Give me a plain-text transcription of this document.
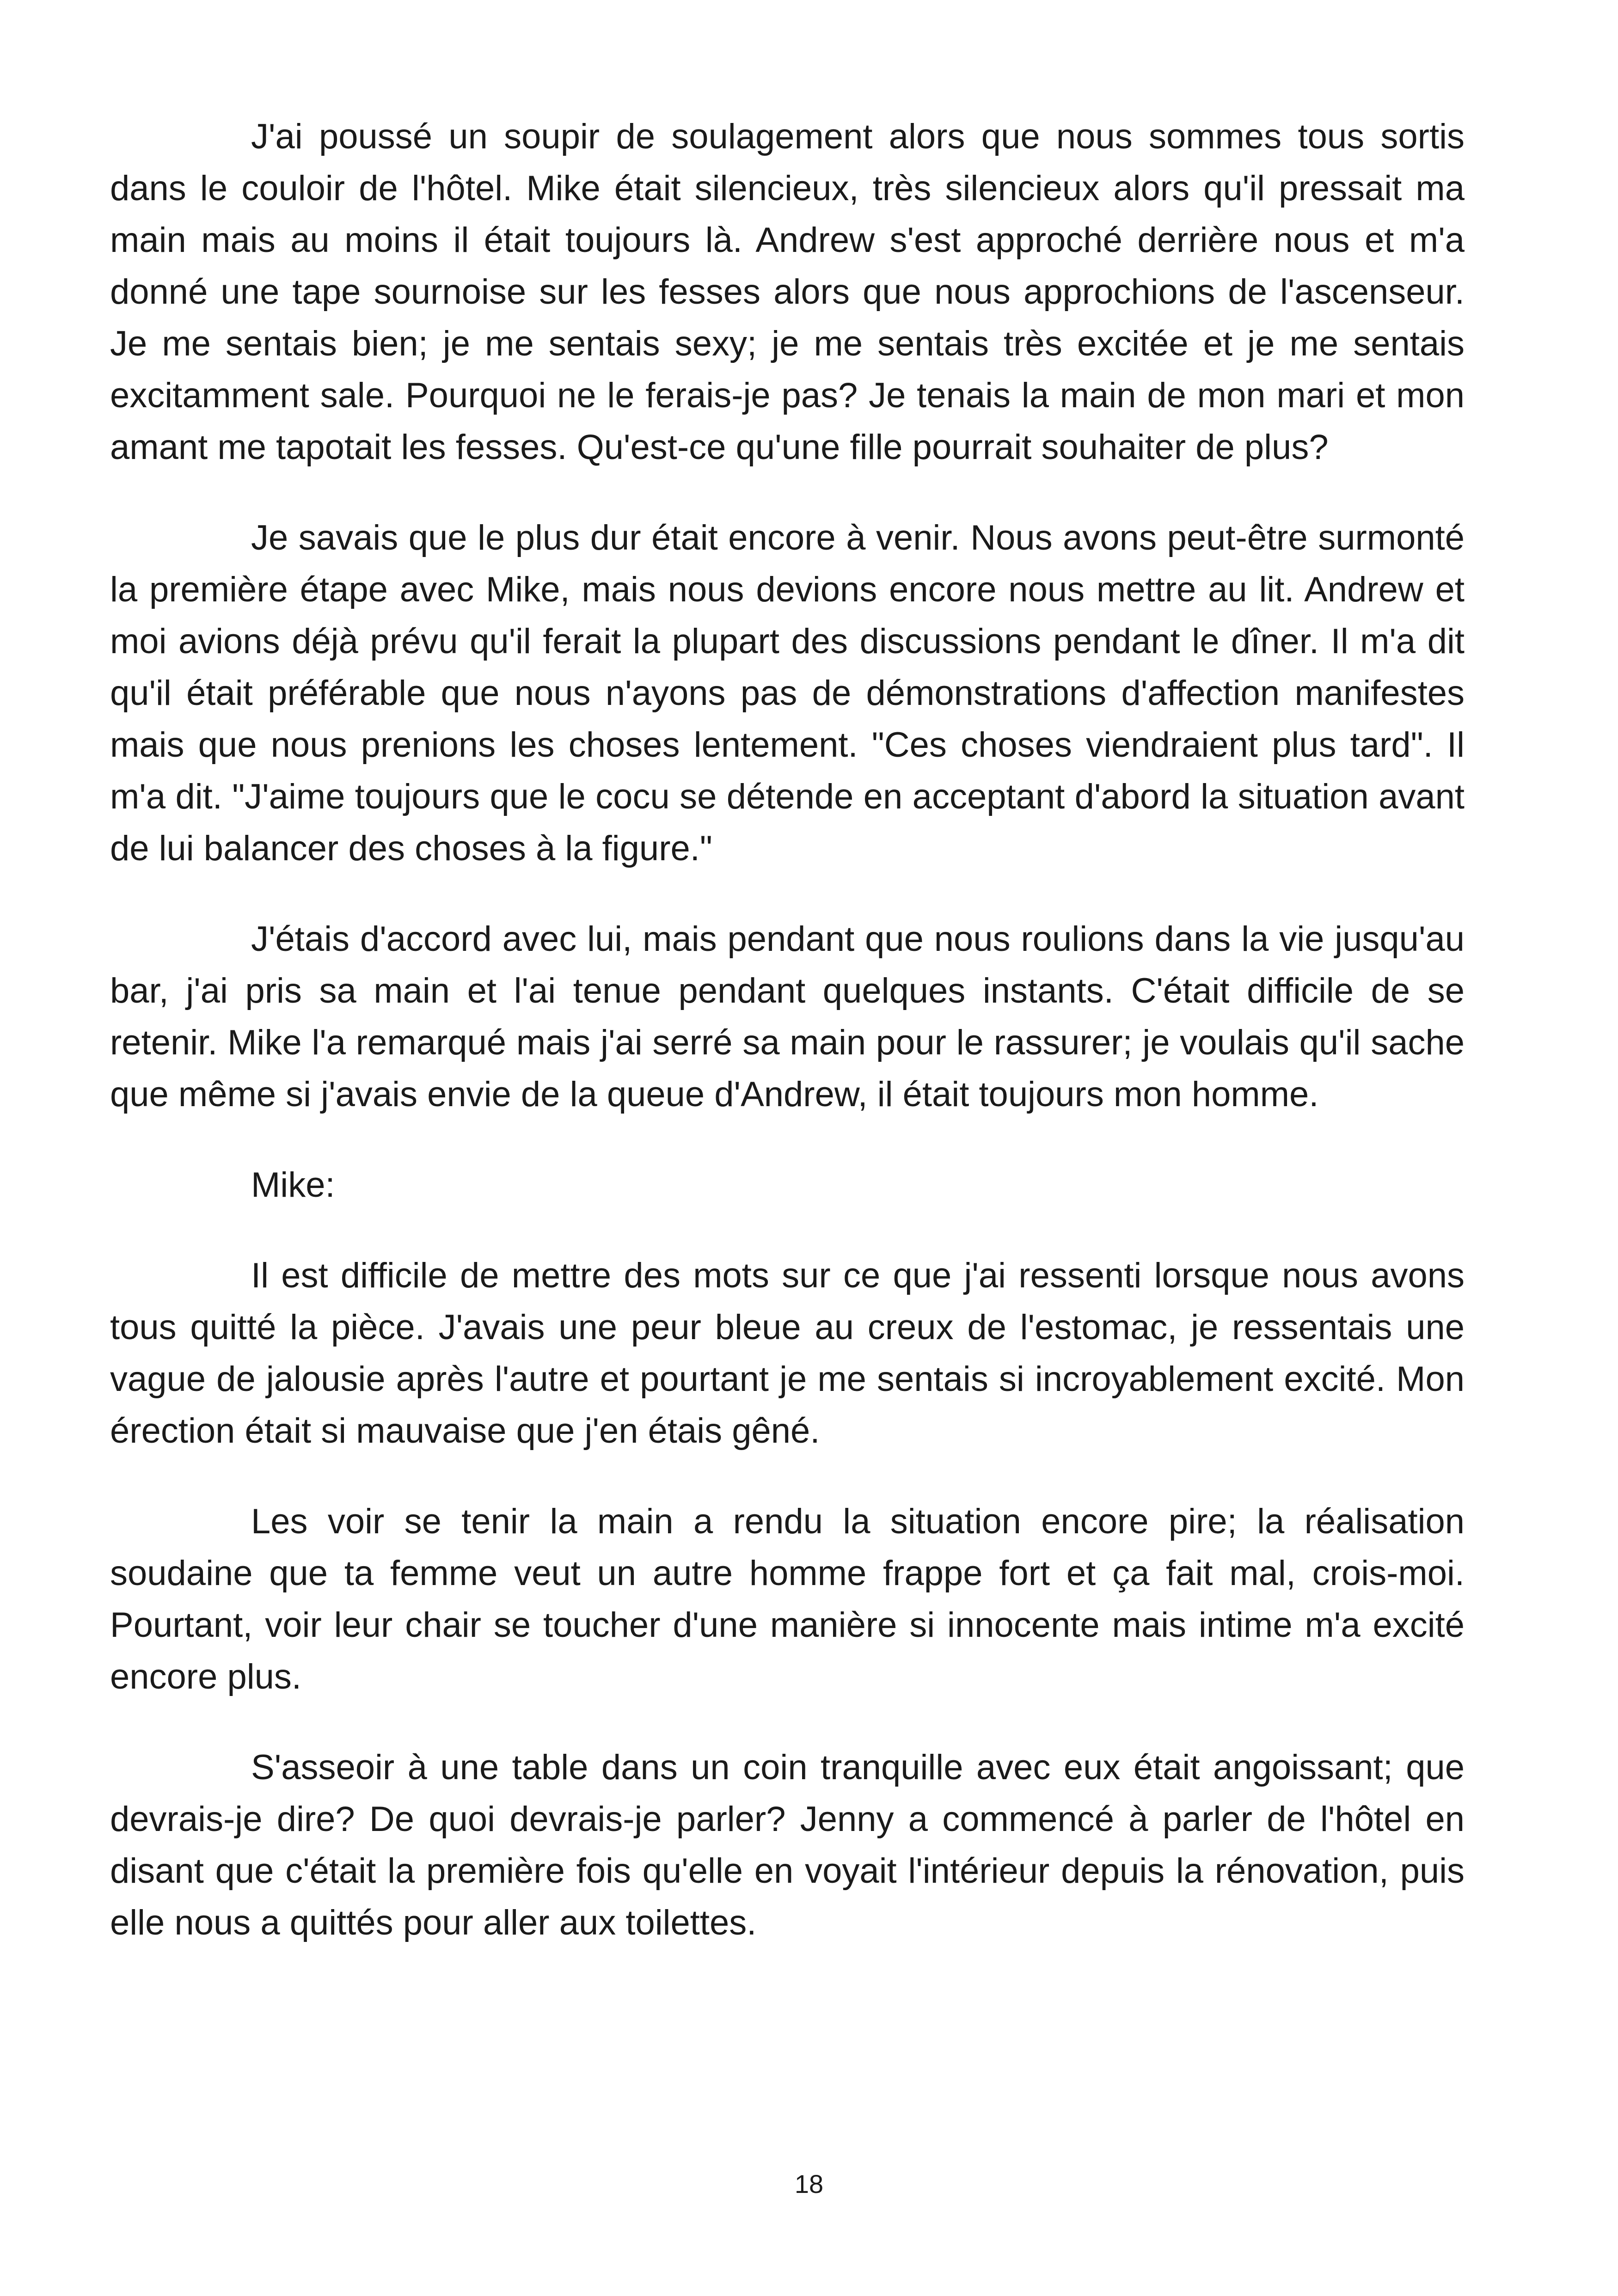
J'ai poussé un soupir de soulagement alors que nous sommes tous sortis dans le couloir de l'hôtel. Mike était silencieux, très silencieux alors qu'il pressait ma main mais au moins il était toujours là. Andrew s'est approché derrière nous et m'a donné une tape sournoise sur les fesses alors que nous approchions de l'ascenseur. Je me sentais bien; je me sentais sexy; je me sentais très excitée et je me sentais excitamment sale. Pourquoi ne le ferais-je pas? Je tenais la main de mon mari et mon amant me tapotait les fesses. Qu'est-ce qu'une fille pourrait souhaiter de plus?

Je savais que le plus dur était encore à venir. Nous avons peut-être surmonté la première étape avec Mike, mais nous devions encore nous mettre au lit. Andrew et moi avions déjà prévu qu'il ferait la plupart des discussions pendant le dîner. Il m'a dit qu'il était préférable que nous n'ayons pas de démonstrations d'affection manifestes mais que nous prenions les choses lentement. "Ces choses viendraient plus tard". Il m'a dit. "J'aime toujours que le cocu se détende en acceptant d'abord la situation avant de lui balancer des choses à la figure."

J'étais d'accord avec lui, mais pendant que nous roulions dans la vie jusqu'au bar, j'ai pris sa main et l'ai tenue pendant quelques instants. C'était difficile de se retenir. Mike l'a remarqué mais j'ai serré sa main pour le rassurer; je voulais qu'il sache que même si j'avais envie de la queue d'Andrew, il était toujours mon homme.

Mike:

Il est difficile de mettre des mots sur ce que j'ai ressenti lorsque nous avons tous quitté la pièce. J'avais une peur bleue au creux de l'estomac, je ressentais une vague de jalousie après l'autre et pourtant je me sentais si incroyablement excité. Mon érection était si mauvaise que j'en étais gêné.

Les voir se tenir la main a rendu la situation encore pire; la réalisation soudaine que ta femme veut un autre homme frappe fort et ça fait mal, crois-moi. Pourtant, voir leur chair se toucher d'une manière si innocente mais intime m'a excité encore plus.

S'asseoir à une table dans un coin tranquille avec eux était angoissant; que devrais-je dire? De quoi devrais-je parler? Jenny a commencé à parler de l'hôtel en disant que c'était la première fois qu'elle en voyait l'intérieur depuis la rénovation, puis elle nous a quittés pour aller aux toilettes.

18
